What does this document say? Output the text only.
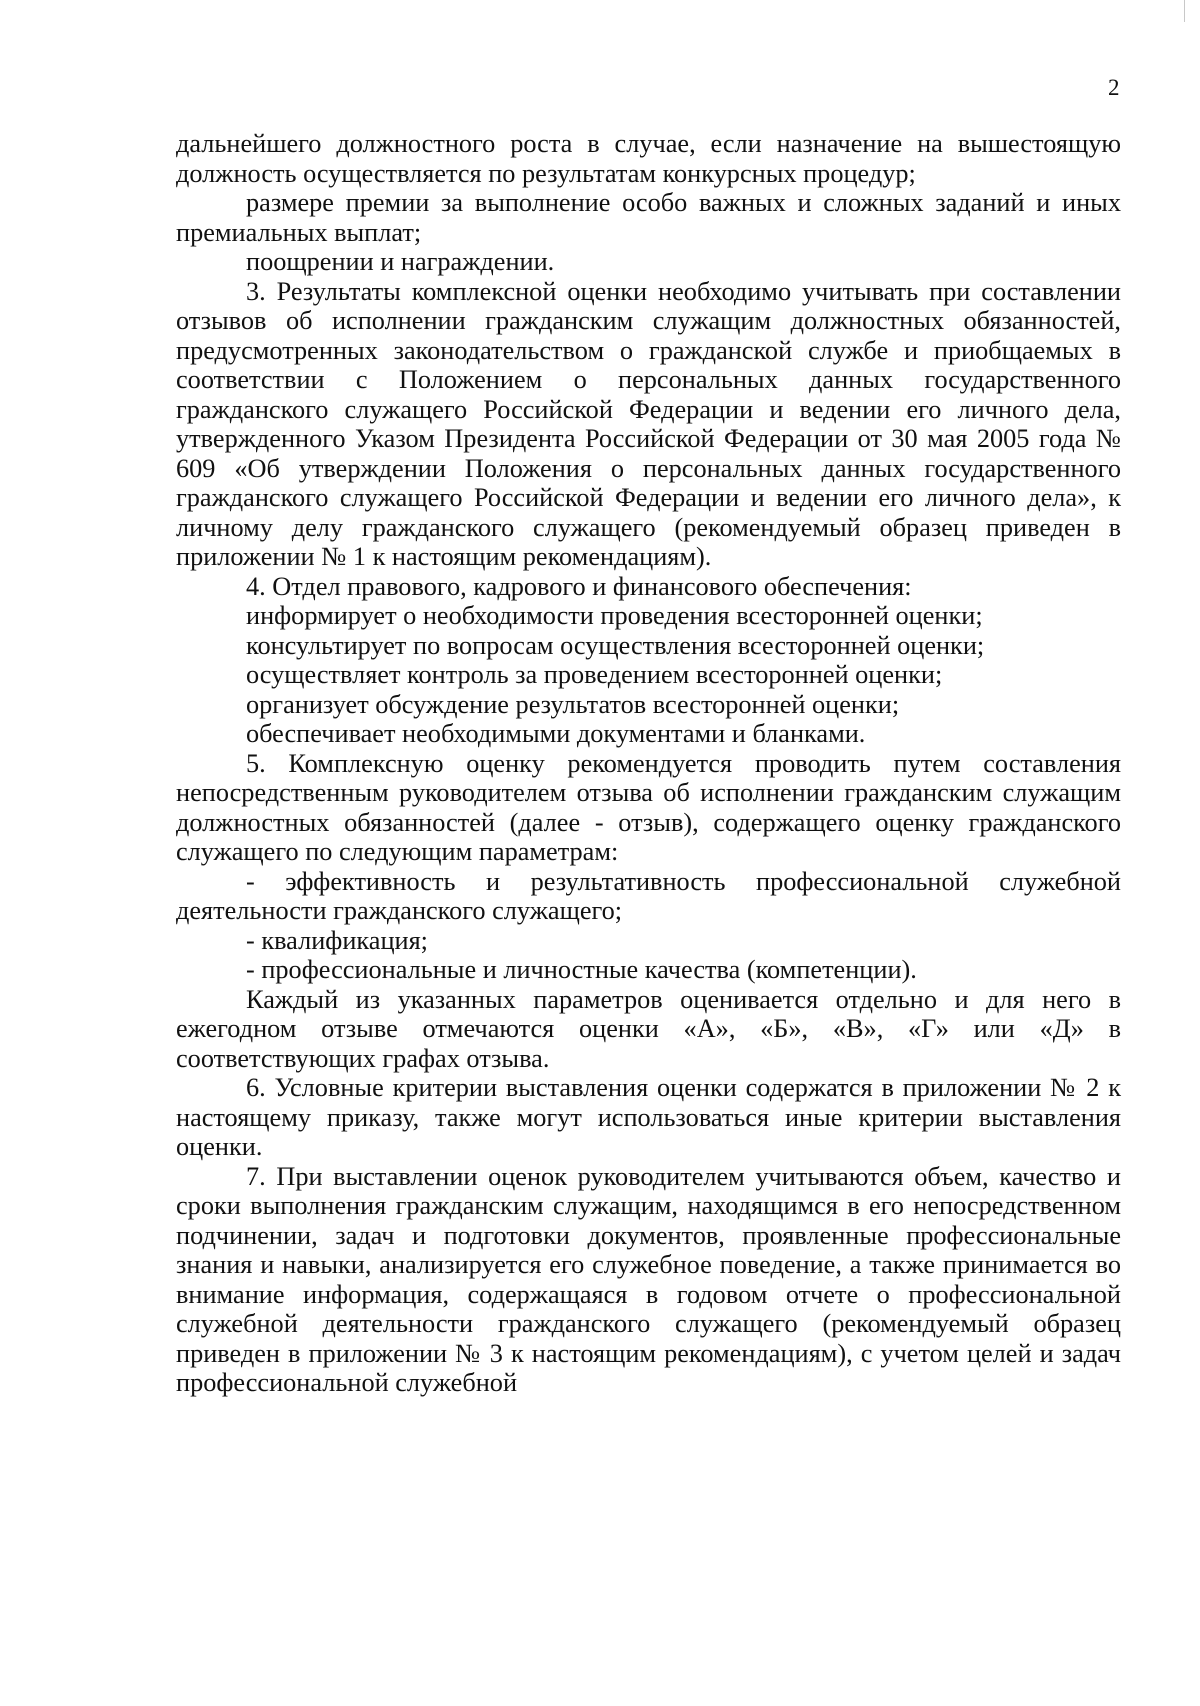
2

дальнейшего должностного роста в случае, если назначение на вышестоящую должность осуществляется по результатам конкурсных процедур;

размере премии за выполнение особо важных и сложных заданий и иных премиальных выплат;

поощрении и награждении.

3. Результаты комплексной оценки необходимо учитывать при составлении отзывов об исполнении гражданским служащим должностных обязанностей, предусмотренных законодательством о гражданской службе и приобщаемых в соответствии с Положением о персональных данных государственного гражданского служащего Российской Федерации и ведении его личного дела, утвержденного Указом Президента Российской Федерации от 30 мая 2005 года № 609 «Об утверждении Положения о персональных данных государственного гражданского служащего Российской Федерации и ведении его личного дела», к личному делу гражданского служащего (рекомендуемый образец приведен в приложении № 1 к настоящим рекомендациям).

4. Отдел правового, кадрового и финансового обеспечения:

информирует о необходимости проведения всесторонней оценки;

консультирует по вопросам осуществления всесторонней оценки;

осуществляет контроль за проведением всесторонней оценки;

организует обсуждение результатов всесторонней оценки;

обеспечивает необходимыми документами и бланками.

5. Комплексную оценку рекомендуется проводить путем составления непосредственным руководителем отзыва об исполнении гражданским служащим должностных обязанностей (далее - отзыв), содержащего оценку гражданского служащего по следующим параметрам:

- эффективность и результативность профессиональной служебной деятельности гражданского служащего;

- квалификация;

- профессиональные и личностные качества (компетенции).

Каждый из указанных параметров оценивается отдельно и для него в ежегодном отзыве отмечаются оценки «А», «Б», «В», «Г» или «Д» в соответствующих графах отзыва.

6. Условные критерии выставления оценки содержатся в приложении № 2 к настоящему приказу, также могут использоваться иные критерии выставления оценки.

7. При выставлении оценок руководителем учитываются объем, качество и сроки выполнения гражданским служащим, находящимся в его непосредственном подчинении, задач и подготовки документов, проявленные профессиональные знания и навыки, анализируется его служебное поведение, а также принимается во внимание информация, содержащаяся в годовом отчете о профессиональной служебной деятельности гражданского служащего (рекомендуемый образец приведен в приложении № 3 к настоящим рекомендациям), с учетом целей и задач профессиональной служебной
